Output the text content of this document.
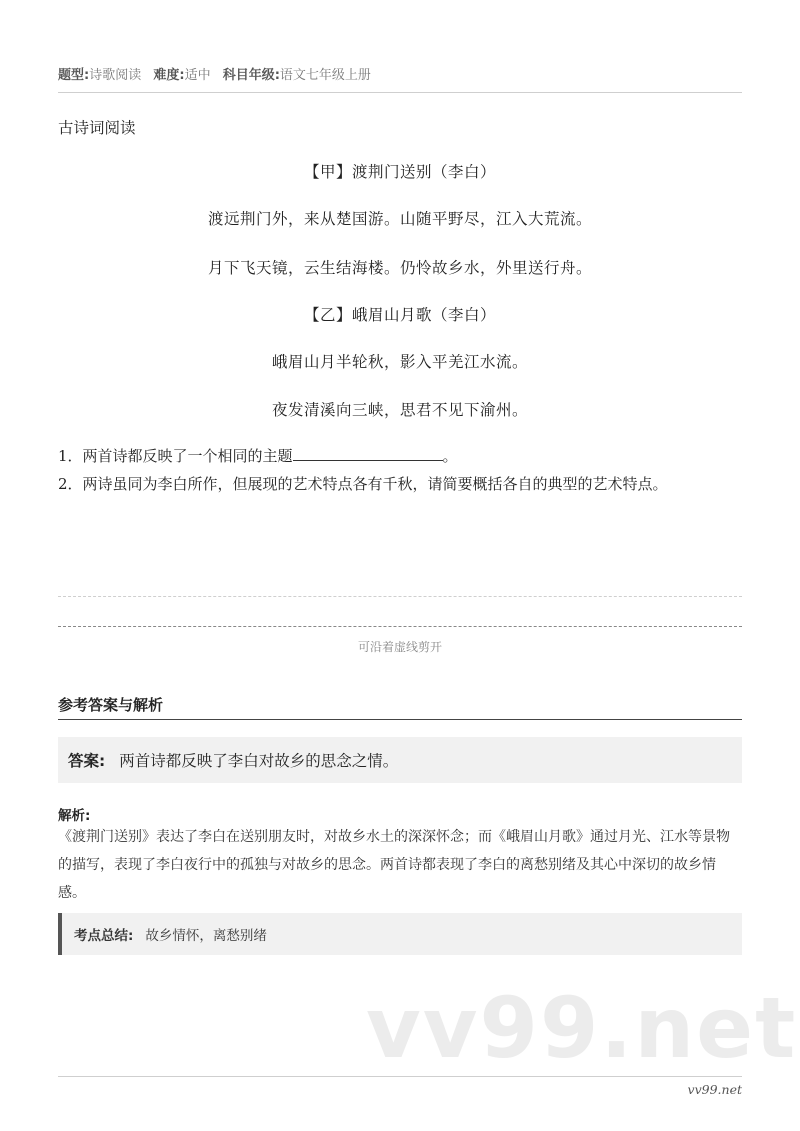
题型:诗歌阅读 难度:适中 科目年级:语文七年级上册
古诗词阅读
【甲】渡荆门送别（李白）
渡远荆门外，来从楚国游。山随平野尽，江入大荒流。
月下飞天镜，云生结海楼。仍怜故乡水，外里送行舟。
【乙】峨眉山月歌（李白）
峨眉山月半轮秋，影入平羌江水流。
夜发清溪向三峡，思君不见下渝州。
1．两首诗都反映了一个相同的主题	。
2．两诗虽同为李白所作，但展现的艺术特点各有千秋，请简要概括各自的典型的艺术特点。
可沿着虚线剪开
参考答案与解析
答案: 两首诗都反映了李白对故乡的思念之情。
解析:
《渡荆门送别》表达了李白在送别朋友时，对故乡水土的深深怀念；而《峨眉山月歌》通过月光、江水等景物的描写，表现了李白夜行中的孤独与对故乡的思念。两首诗都表现了李白的离愁别绪及其心中深切的故乡情感。
考点总结: 故乡情怀，离愁别绪
vv99.net
vv99.net
